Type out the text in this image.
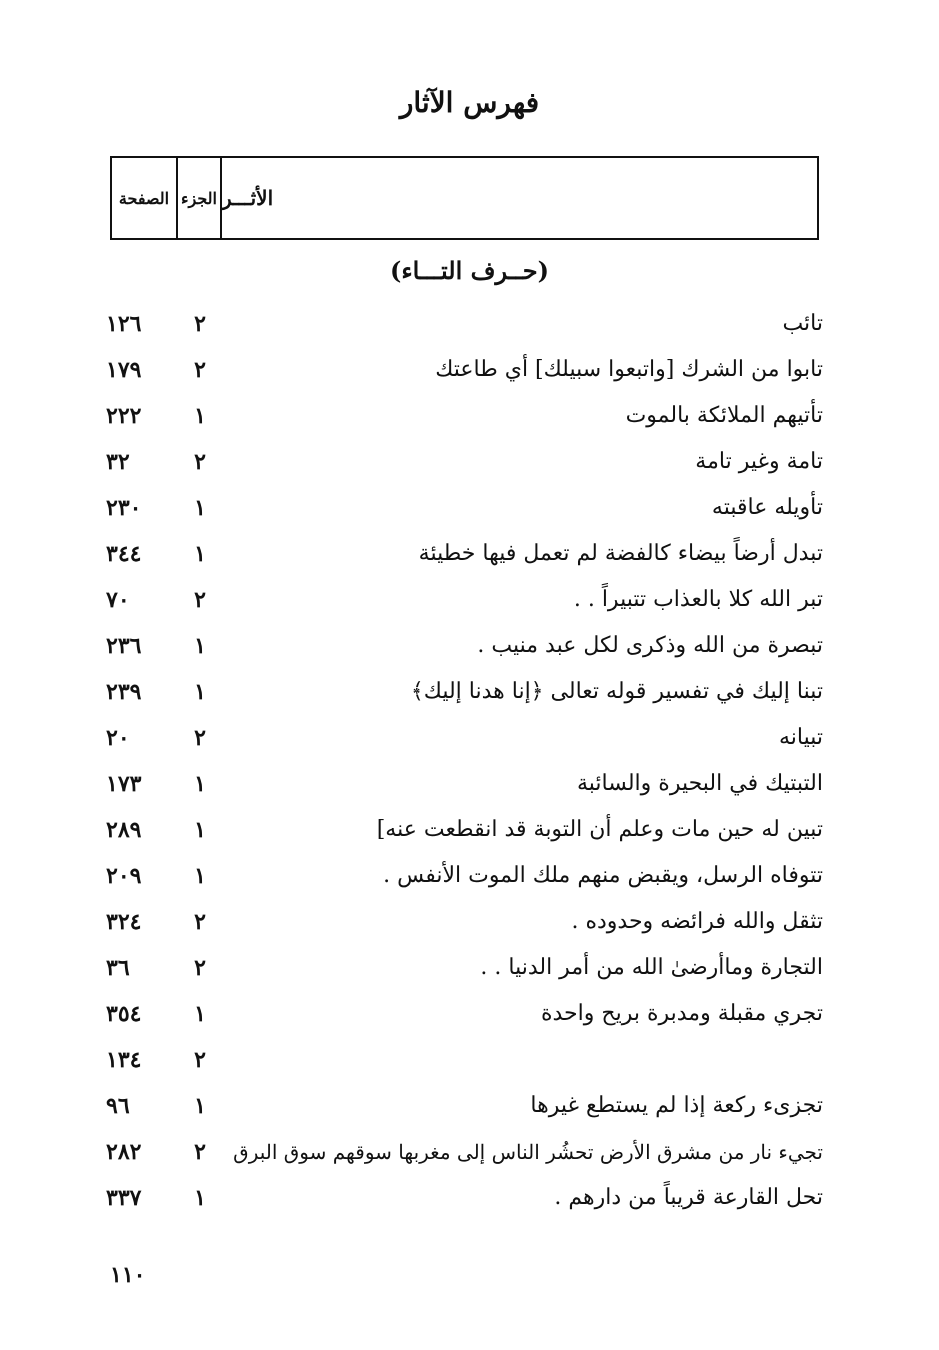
فهرس الآثار
الصفحة الجزء الأثـــر
(حــرف التـــاء)
تائب
٢
١٢٦
تابوا من الشرك [واتبعوا سبيلك] أي طاعتك
٢
١٧٩
تأتيهم الملائكة بالموت
١
٢٢٢
تامة وغير تامة
٢
٣٢
تأويله عاقبته
١
٢٣٠
تبدل أرضاً بيضاء كالفضة لم تعمل فيها خطيئة
١
٣٤٤
تبر الله كلا بالعذاب تتبيراً . .
٢
٧٠
تبصرة من الله وذكرى لكل عبد منيب .
١
٢٣٦
تبنا إليك في تفسير قوله تعالى ﴿إنا هدنا إليك﴾
١
٢٣٩
تبيانه
٢
٢٠
التبتيك في البحيرة والسائبة
١
١٧٣
تبين له حين مات وعلم أن التوبة قد انقطعت عنه]
١
٢٨٩
تتوفاه الرسل، ويقبض منهم ملك الموت الأنفس .
١
٢٠٩
تثقل والله فرائضه وحدوده .
٢
٣٢٤
التجارة وماأرضىٰ الله من أمر الدنيا . .
٢
٣٦
تجري مقبلة ومدبرة بريح واحدة
١
٣٥٤
٢
١٣٤
تجزىء ركعة إذا لم يستطع غيرها
١
٩٦
تجيء نار من مشرق الأرض تحشُر الناس إلى مغربها سوقهم سوق البرق
٢
٢٨٢
تحل القارعة قريباً من دارهم .
١
٣٣٧
١١٠
